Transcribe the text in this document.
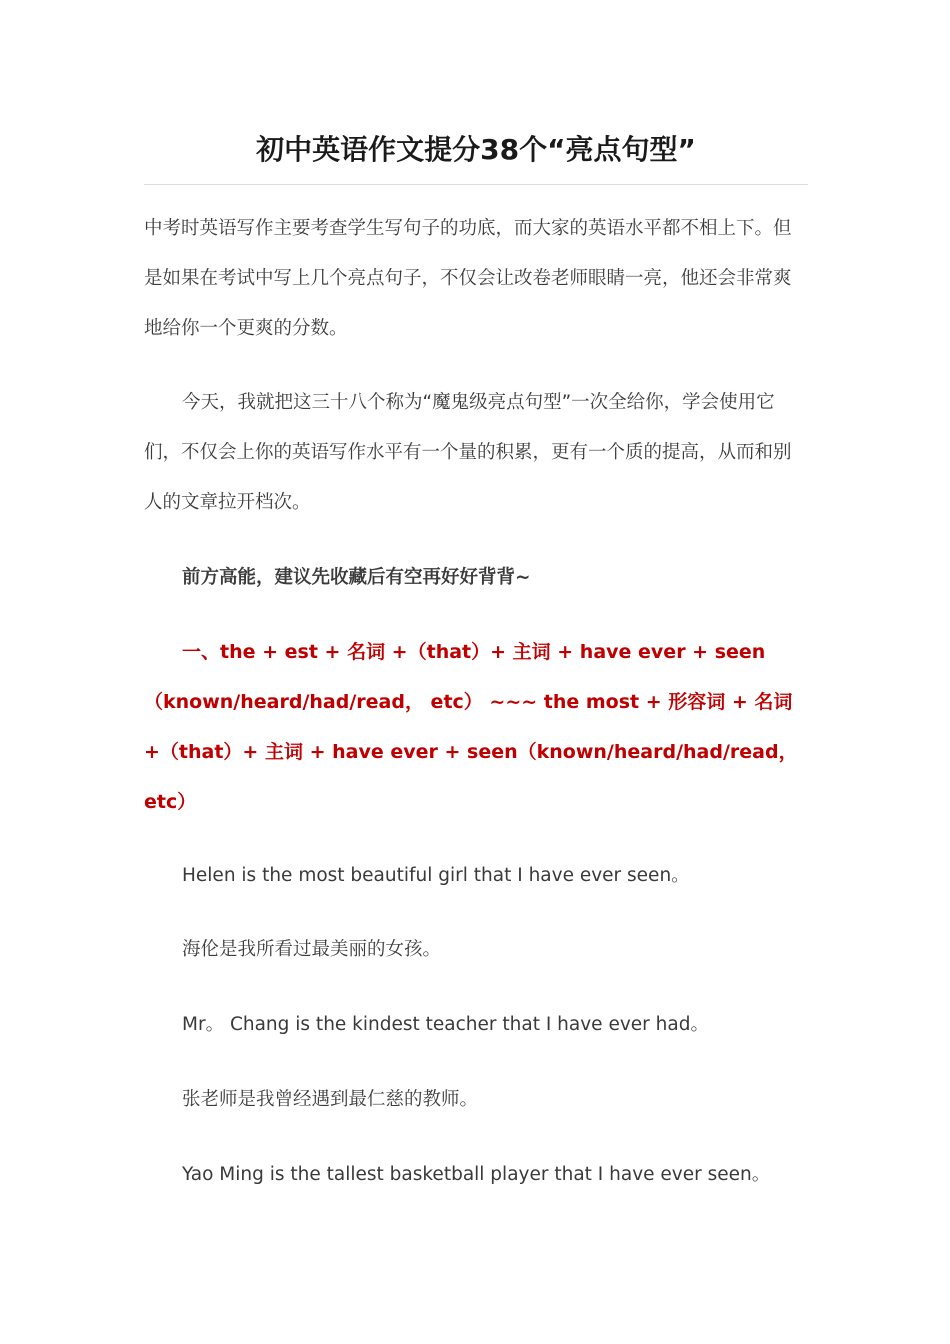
初中英语作文提分38个“亮点句型”

中考时英语写作主要考查学生写句子的功底，而大家的英语水平都不相上下。但是如果在考试中写上几个亮点句子，不仅会让改卷老师眼睛一亮，他还会非常爽地给你一个更爽的分数。

今天，我就把这三十八个称为“魔鬼级亮点句型”一次全给你，学会使用它们，不仅会上你的英语写作水平有一个量的积累，更有一个质的提高，从而和别人的文章拉开档次。

前方高能，建议先收藏后有空再好好背背~

一、the + est + 名词 +（that）+ 主词 + have ever + seen（known/heard/had/read， etc） ~~~ the most + 形容词 + 名词 +（that）+ 主词 + have ever + seen（known/heard/had/read，etc）

Helen is the most beautiful girl that I have ever seen。

海伦是我所看过最美丽的女孩。

Mr。 Chang is the kindest teacher that I have ever had。

张老师是我曾经遇到最仁慈的教师。

Yao Ming is the tallest basketball player that I have ever seen。
